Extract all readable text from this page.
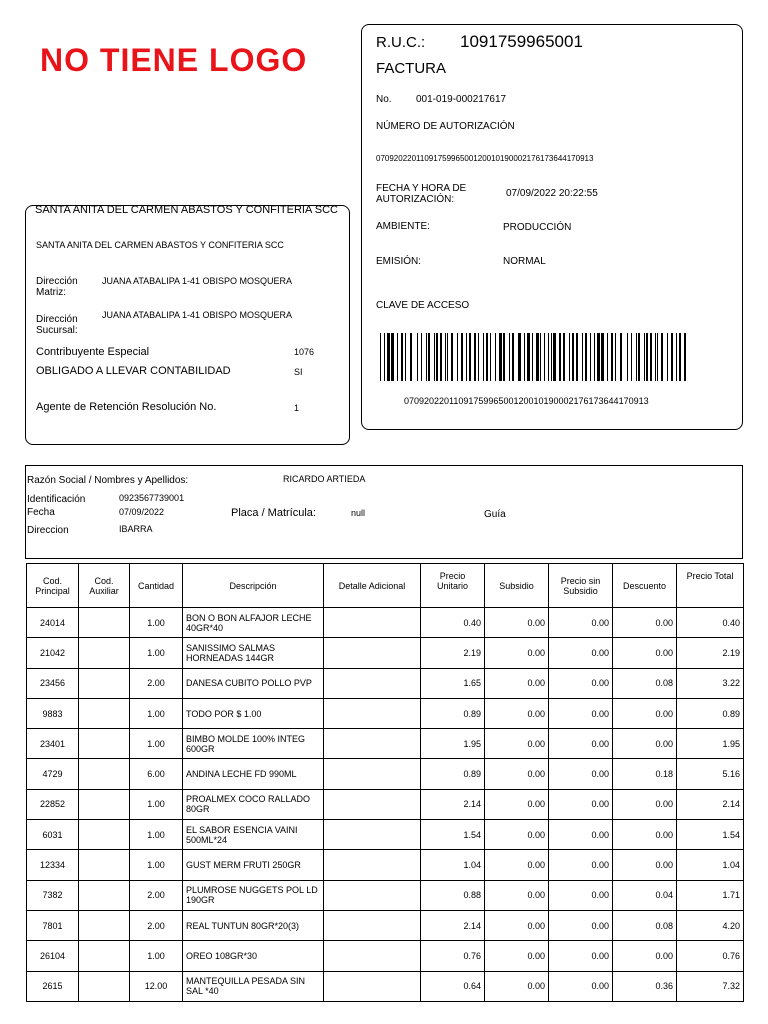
NO TIENE LOGO
SANTA ANITA DEL CARMEN ABASTOS Y CONFITERIA SCC
SANTA ANITA DEL CARMEN ABASTOS Y CONFITERIA SCC
Dirección Matriz:
JUANA ATABALIPA 1-41 OBISPO MOSQUERA
Dirección Sucursal:
JUANA ATABALIPA 1-41 OBISPO MOSQUERA
Contribuyente Especial	1076
OBLIGADO A LLEVAR CONTABILIDAD	SI
Agente de Retención Resolución No.	1
R.U.C.: 1091759965001
FACTURA
No. 001-019-000217617
NÚMERO DE AUTORIZACIÓN
0709202201109175996500120010190002176173644170913
FECHA Y HORA DE AUTORIZACIÓN:
07/09/2022 20:22:55
AMBIENTE:	PRODUCCIÓN
EMISIÓN:	NORMAL
CLAVE DE ACCESO
0709202201109175996500120010190002176173644170913
Razón Social / Nombres y Apellidos:	RICARDO ARTIEDA
Identificación	0923567739001
Fecha	07/09/2022	Placa / Matrícula:	null	Guía
Direccion	IBARRA
Cod. Principal	Cod. Auxiliar	Cantidad	Descripción	Detalle Adicional	Precio Unitario	Subsidio	Precio sin Subsidio	Descuento	Precio Total
24014		1.00	BON O BON ALFAJOR LECHE 40GR*40		0.40	0.00	0.00	0.00	0.40
21042		1.00	SANISSIMO SALMAS HORNEADAS 144GR		2.19	0.00	0.00	0.00	2.19
23456		2.00	DANESA CUBITO POLLO PVP		1.65	0.00	0.00	0.08	3.22
9883		1.00	TODO POR $ 1.00		0.89	0.00	0.00	0.00	0.89
23401		1.00	BIMBO MOLDE 100% INTEG 600GR		1.95	0.00	0.00	0.00	1.95
4729		6.00	ANDINA LECHE FD 990ML		0.89	0.00	0.00	0.18	5.16
22852		1.00	PROALMEX COCO RALLADO 80GR		2.14	0.00	0.00	0.00	2.14
6031		1.00	EL SABOR ESENCIA VAINI 500ML*24		1.54	0.00	0.00	0.00	1.54
12334		1.00	GUST MERM FRUTI 250GR		1.04	0.00	0.00	0.00	1.04
7382		2.00	PLUMROSE NUGGETS POL LD 190GR		0.88	0.00	0.00	0.04	1.71
7801		2.00	REAL TUNTUN 80GR*20(3)		2.14	0.00	0.00	0.08	4.20
26104		1.00	OREO 108GR*30		0.76	0.00	0.00	0.00	0.76
2615		12.00	MANTEQUILLA PESADA SIN SAL *40		0.64	0.00	0.00	0.36	7.32
